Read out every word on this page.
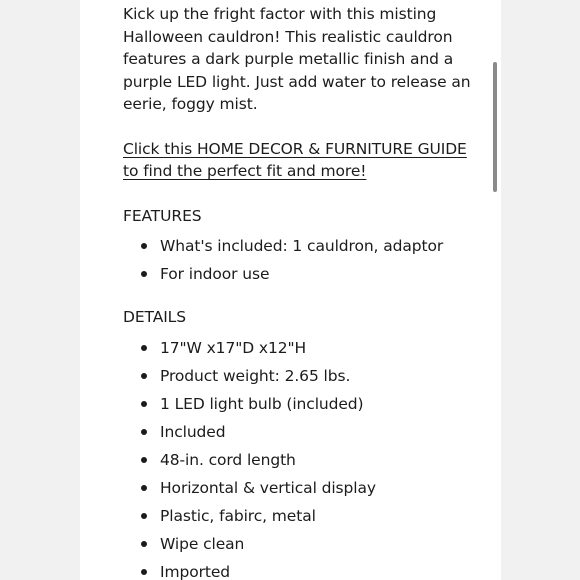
Kick up the fright factor with this misting Halloween cauldron! This realistic cauldron features a dark purple metallic finish and a purple LED light. Just add water to release an eerie, foggy mist.

Click this HOME DECOR & FURNITURE GUIDE to find the perfect fit and more!
FEATURES
What's included: 1 cauldron, adaptor
For indoor use
DETAILS
17"W x17"D x12"H
Product weight: 2.65 lbs.
1 LED light bulb (included)
Included
48-in. cord length
Horizontal & vertical display
Plastic, fabirc, metal
Wipe clean
Imported
